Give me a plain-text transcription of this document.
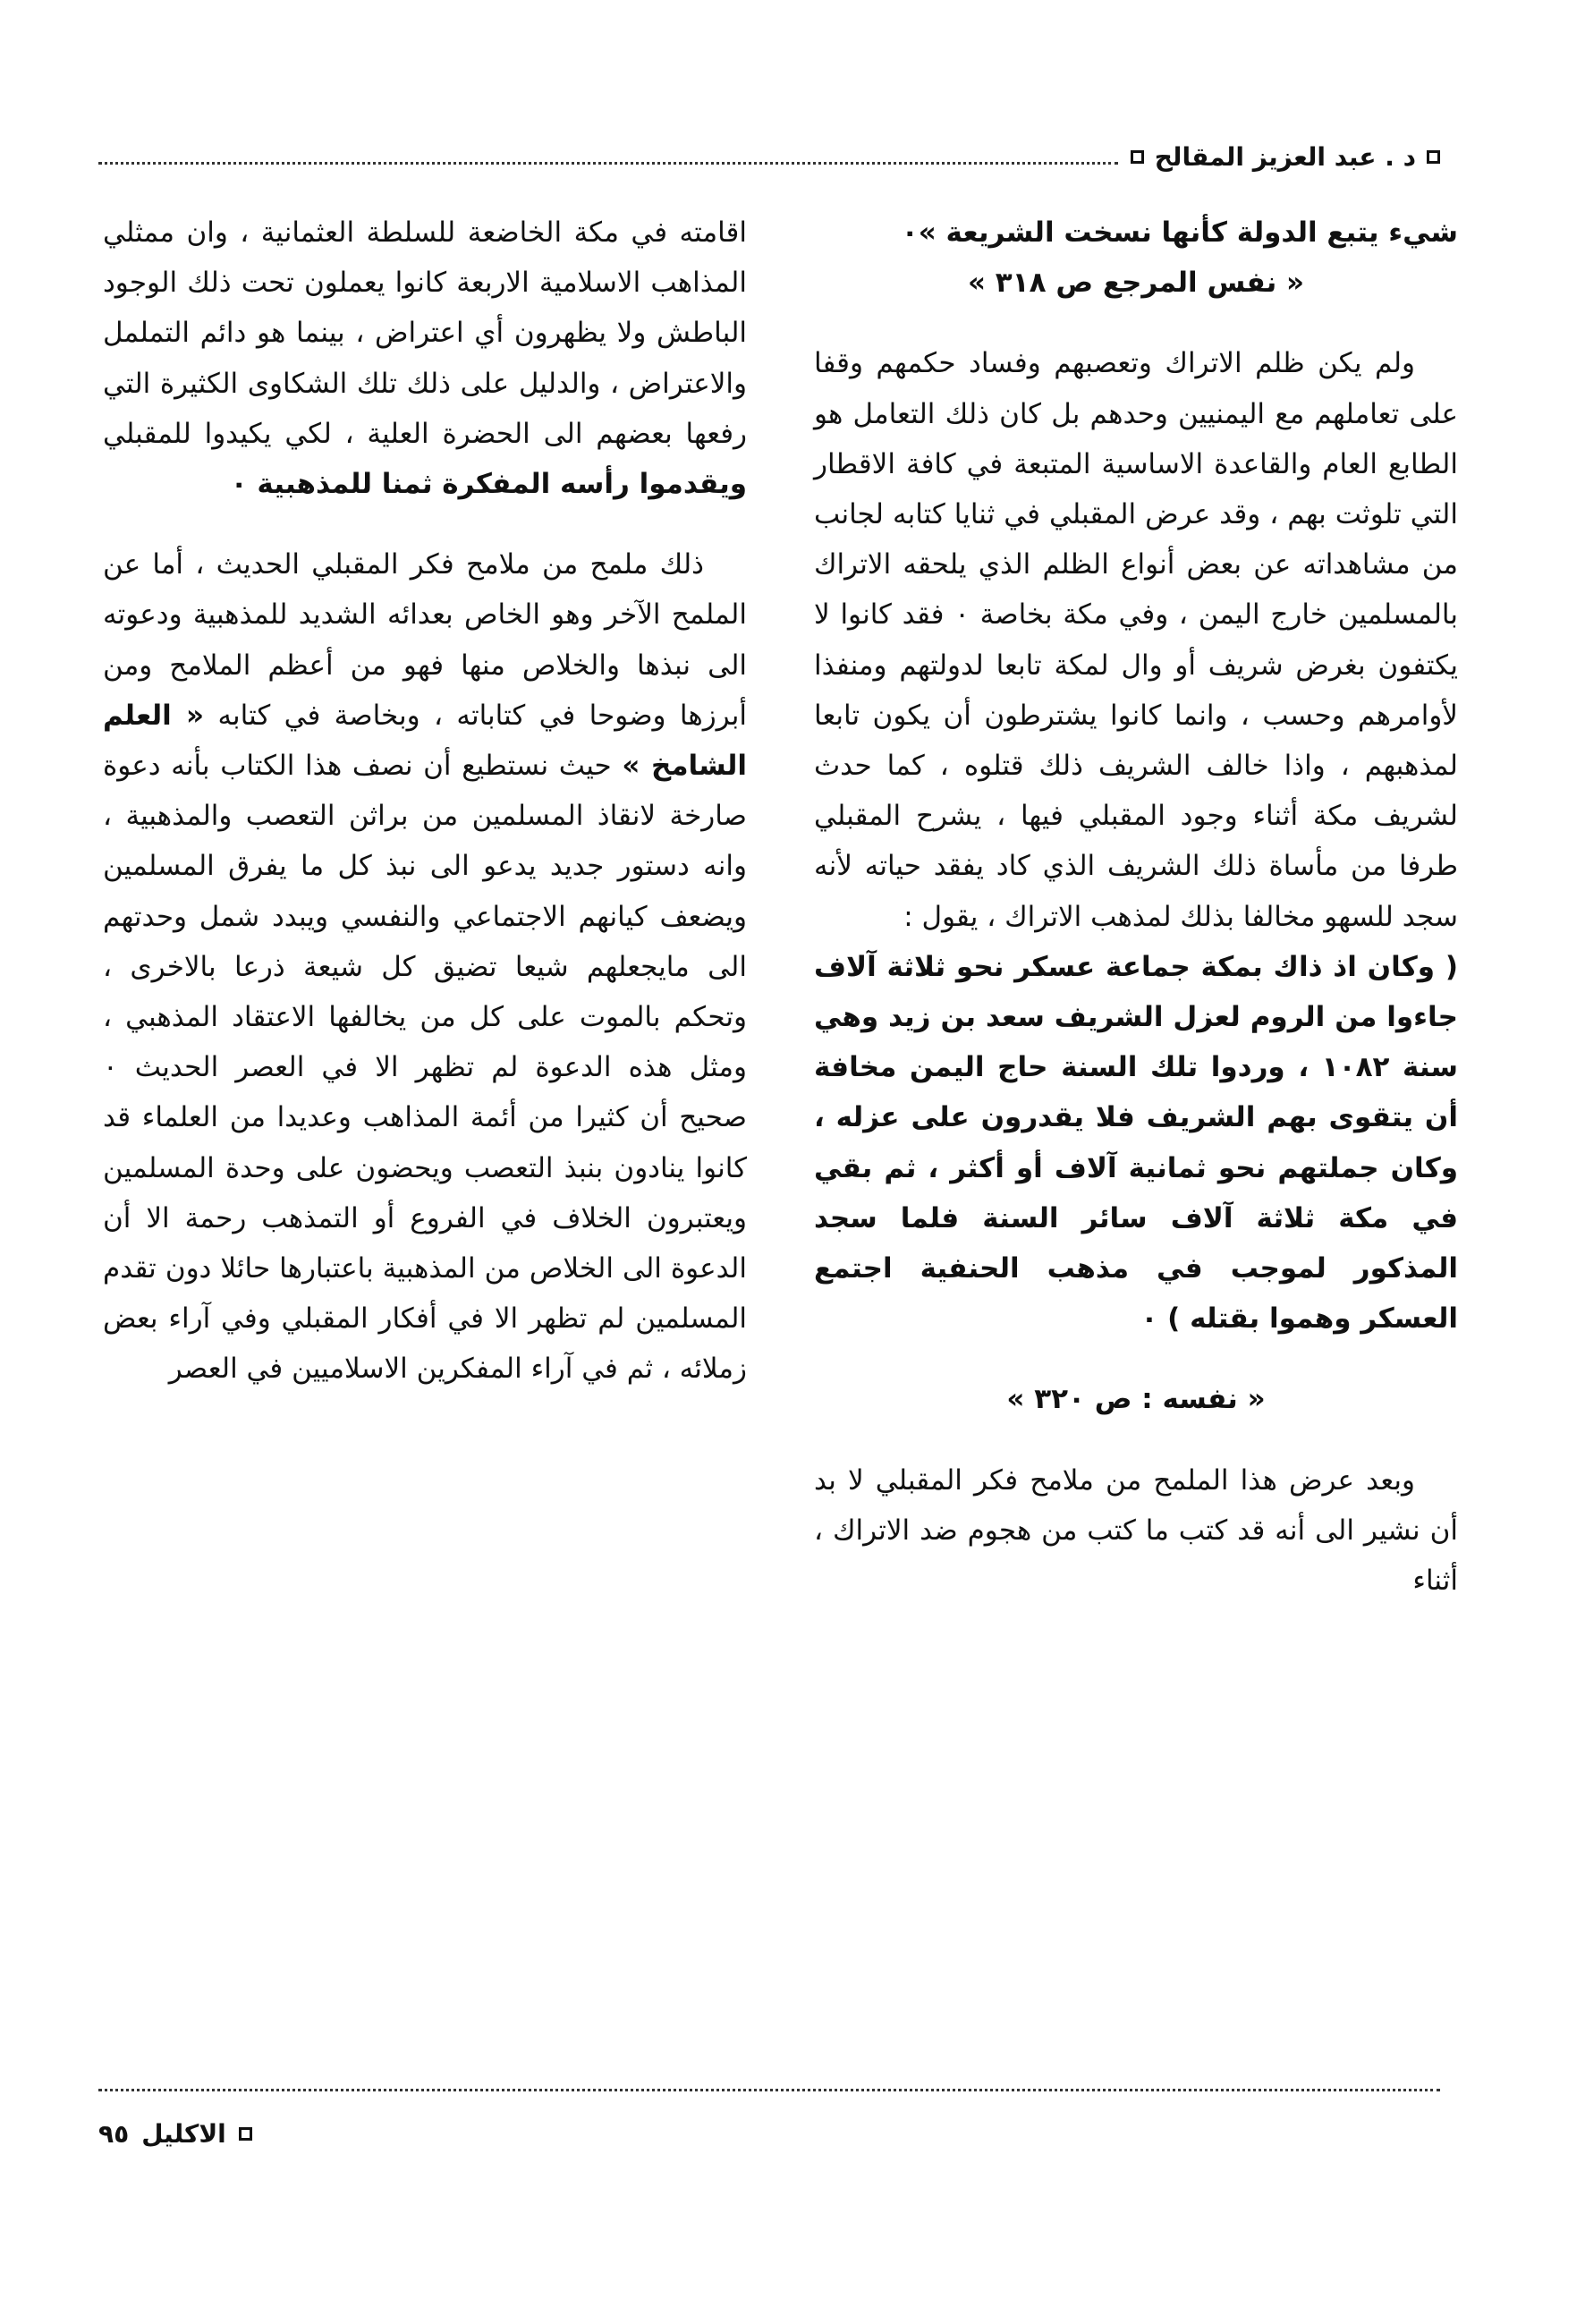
د . عبد العزيز المقالح

شيء يتبع الدولة كأنها نسخت الشريعة »٠

« نفس المرجع ص ٣١٨ »

ولم يكن ظلم الاتراك وتعصبهم وفساد حكمهم وقفا على تعاملهم مع اليمنيين وحدهم بل كان ذلك التعامل هو الطابع العام والقاعدة الاساسية المتبعة في كافة الاقطار التي تلوثت بهم ، وقد عرض المقبلي في ثنايا كتابه لجانب من مشاهداته عن بعض أنواع الظلم الذي يلحقه الاتراك بالمسلمين خارج اليمن ، وفي مكة بخاصة ٠ فقد كانوا لا يكتفون بغرض شريف أو وال لمكة تابعا لدولتهم ومنفذا لأوامرهم وحسب ، وانما كانوا يشترطون أن يكون تابعا لمذهبهم ، واذا خالف الشريف ذلك قتلوه ، كما حدث لشريف مكة أثناء وجود المقبلي فيها ، يشرح المقبلي طرفا من مأساة ذلك الشريف الذي كاد يفقد حياته لأنه سجد للسهو مخالفا بذلك لمذهب الاتراك ، يقول :

( وكان اذ ذاك بمكة جماعة عسكر نحو ثلاثة آلاف جاءوا من الروم لعزل الشريف سعد بن زيد وهي سنة ١٠٨٢ ، وردوا تلك السنة حاج اليمن مخافة أن يتقوى بهم الشريف فلا يقدرون على عزله ، وكان جملتهم نحو ثمانية آلاف أو أكثر ، ثم بقي في مكة ثلاثة آلاف سائر السنة فلما سجد المذكور لموجب في مذهب الحنفية اجتمع العسكر وهموا بقتله ) ٠

« نفسه : ص ٣٢٠ »

وبعد عرض هذا الملمح من ملامح فكر المقبلي لا بد أن نشير الى أنه قد كتب ما كتب من هجوم ضد الاتراك ، أثناء

اقامته في مكة الخاضعة للسلطة العثمانية ، وان ممثلي المذاهب الاسلامية الاربعة كانوا يعملون تحت ذلك الوجود الباطش ولا يظهرون أي اعتراض ، بينما هو دائم التململ والاعتراض ، والدليل على ذلك تلك الشكاوى الكثيرة التي رفعها بعضهم الى الحضرة العلية ، لكي يكيدوا للمقبلي ويقدموا رأسه المفكرة ثمنا للمذهبية ٠

ذلك ملمح من ملامح فكر المقبلي الحديث ، أما عن الملمح الآخر وهو الخاص بعدائه الشديد للمذهبية ودعوته الى نبذها والخلاص منها فهو من أعظم الملامح ومن أبرزها وضوحا في كتاباته ، وبخاصة في كتابه « العلم الشامخ » حيث نستطيع أن نصف هذا الكتاب بأنه دعوة صارخة لانقاذ المسلمين من براثن التعصب والمذهبية ، وانه دستور جديد يدعو الى نبذ كل ما يفرق المسلمين ويضعف كيانهم الاجتماعي والنفسي ويبدد شمل وحدتهم الى مايجعلهم شيعا تضيق كل شيعة ذرعا بالاخرى ، وتحكم بالموت على كل من يخالفها الاعتقاد المذهبي ، ومثل هذه الدعوة لم تظهر الا في العصر الحديث ٠ صحيح أن كثيرا من أئمة المذاهب وعديدا من العلماء قد كانوا ينادون بنبذ التعصب ويحضون على وحدة المسلمين ويعتبرون الخلاف في الفروع أو التمذهب رحمة الا أن الدعوة الى الخلاص من المذهبية باعتبارها حائلا دون تقدم المسلمين لم تظهر الا في أفكار المقبلي وفي آراء بعض زملائه ، ثم في آراء المفكرين الاسلاميين في العصر

٩٥ الاكليل
